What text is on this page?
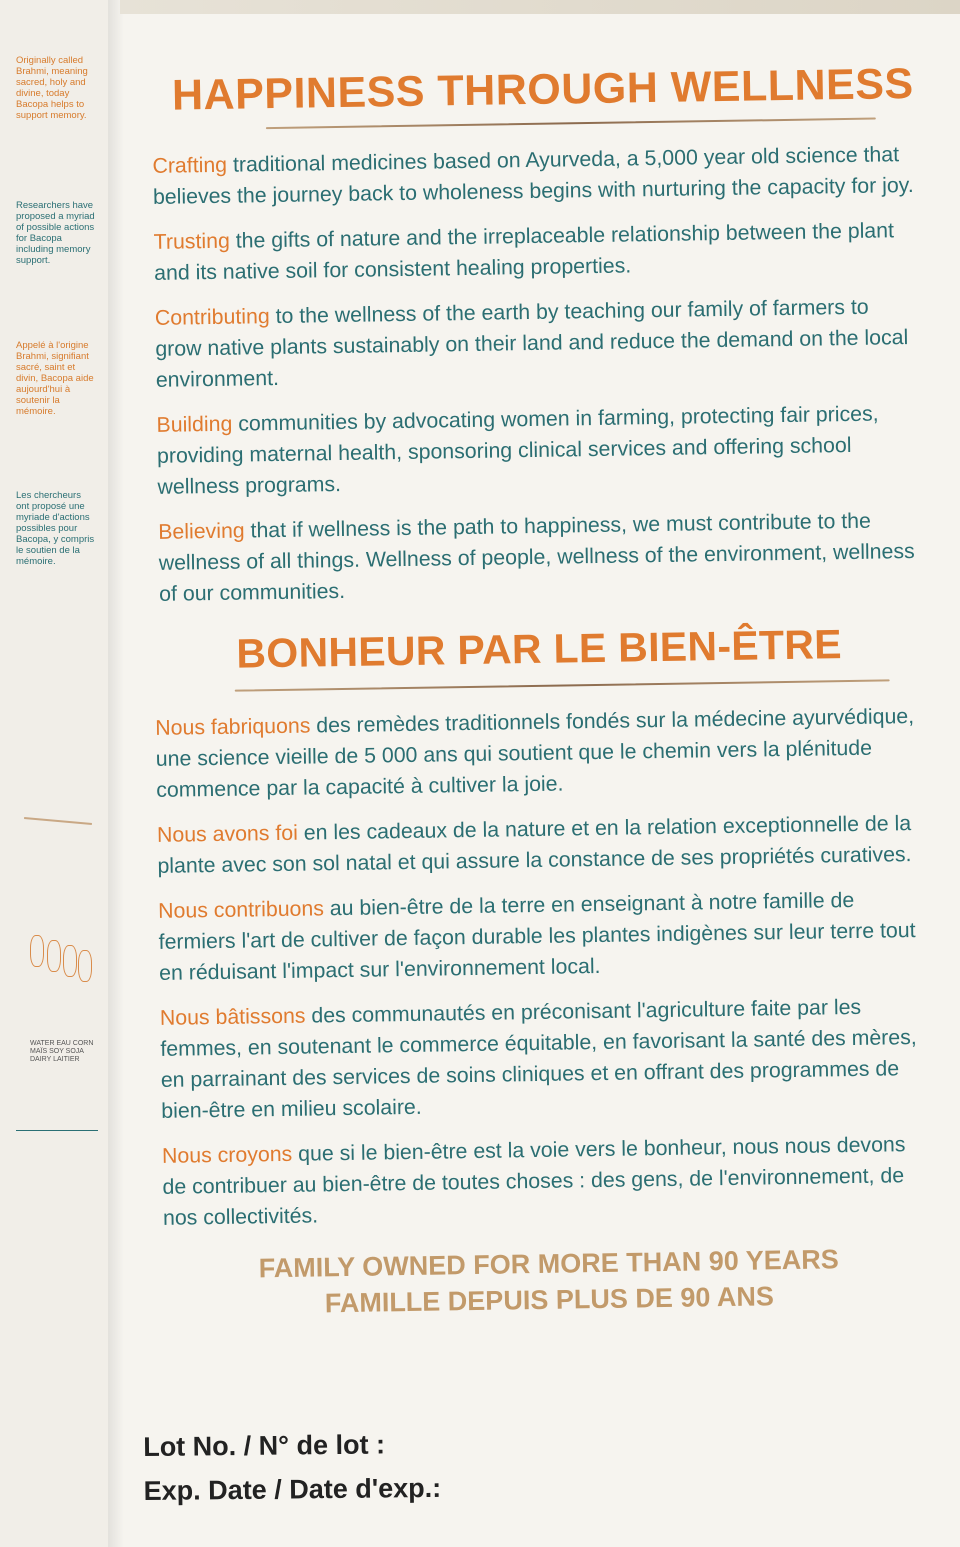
Originally called Brahmi, meaning sacred, holy and divine, today Bacopa helps to support memory.
Researchers have proposed a myriad of possible actions for Bacopa including memory support.
Appelé à l'origine Brahmi, signifiant sacré, saint et divin, Bacopa aide aujourd'hui à soutenir la mémoire.
Les chercheurs ont proposé une myriade d'actions possibles pour Bacopa, y compris le soutien de la mémoire.
WATER EAU CORN MAÏS SOY SOJA DAIRY LAITIER
HAPPINESS THROUGH WELLNESS

Crafting traditional medicines based on Ayurveda, a 5,000 year old science that believes the journey back to wholeness begins with nurturing the capacity for joy.

Trusting the gifts of nature and the irreplaceable relationship between the plant and its native soil for consistent healing properties.

Contributing to the wellness of the earth by teaching our family of farmers to grow native plants sustainably on their land and reduce the demand on the local environment.

Building communities by advocating women in farming, protecting fair prices, providing maternal health, sponsoring clinical services and offering school wellness programs.

Believing that if wellness is the path to happiness, we must contribute to the wellness of all things. Wellness of people, wellness of the environment, wellness of our communities.

BONHEUR PAR LE BIEN-ÊTRE

Nous fabriquons des remèdes traditionnels fondés sur la médecine ayurvédique, une science vieille de 5 000 ans qui soutient que le chemin vers la plénitude commence par la capacité à cultiver la joie.

Nous avons foi en les cadeaux de la nature et en la relation exceptionnelle de la plante avec son sol natal et qui assure la constance de ses propriétés curatives.

Nous contribuons au bien-être de la terre en enseignant à notre famille de fermiers l'art de cultiver de façon durable les plantes indigènes sur leur terre tout en réduisant l'impact sur l'environnement local.

Nous bâtissons des communautés en préconisant l'agriculture faite par les femmes, en soutenant le commerce équitable, en favorisant la santé des mères, en parrainant des services de soins cliniques et en offrant des programmes de bien-être en milieu scolaire.

Nous croyons que si le bien-être est la voie vers le bonheur, nous nous devons de contribuer au bien-être de toutes choses : des gens, de l'environnement, de nos collectivités.

FAMILY OWNED FOR MORE THAN 90 YEARS
FAMILLE DEPUIS PLUS DE 90 ANS
Lot No. / N° de lot :
Exp. Date / Date d'exp.:
